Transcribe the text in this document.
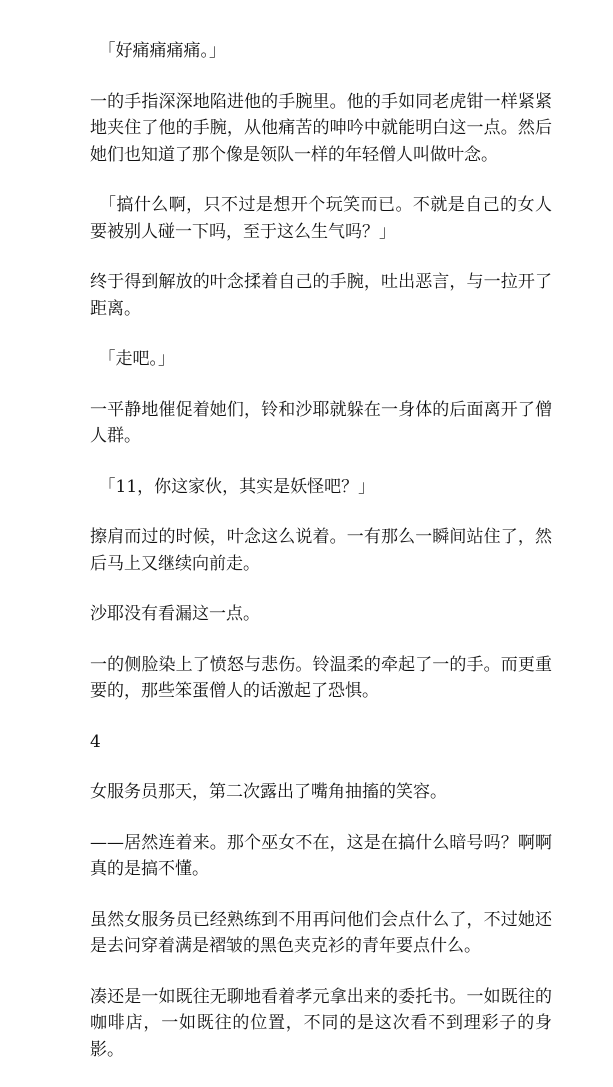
　「好痛痛痛痛。」

一的手指深深地陷进他的手腕里。他的手如同老虎钳一样紧紧地夹住了他的手腕，从他痛苦的呻吟中就能明白这一点。然后她们也知道了那个像是领队一样的年轻僧人叫做叶念。

　「搞什么啊，只不过是想开个玩笑而已。不就是自己的女人要被别人碰一下吗，至于这么生气吗？」

终于得到解放的叶念揉着自己的手腕，吐出恶言，与一拉开了距离。

　「走吧。」

一平静地催促着她们，铃和沙耶就躲在一身体的后面离开了僧人群。

　「11，你这家伙，其实是妖怪吧？」

擦肩而过的时候，叶念这么说着。一有那么一瞬间站住了，然后马上又继续向前走。

沙耶没有看漏这一点。

一的侧脸染上了愤怒与悲伤。铃温柔的牵起了一的手。而更重要的，那些笨蛋僧人的话激起了恐惧。

4

女服务员那天，第二次露出了嘴角抽搐的笑容。

——居然连着来。那个巫女不在，这是在搞什么暗号吗？啊啊真的是搞不懂。

虽然女服务员已经熟练到不用再问他们会点什么了，不过她还是去问穿着满是褶皱的黑色夹克衫的青年要点什么。

凑还是一如既往无聊地看着孝元拿出来的委托书。一如既往的咖啡店，一如既往的位置，不同的是这次看不到理彩子的身影。
